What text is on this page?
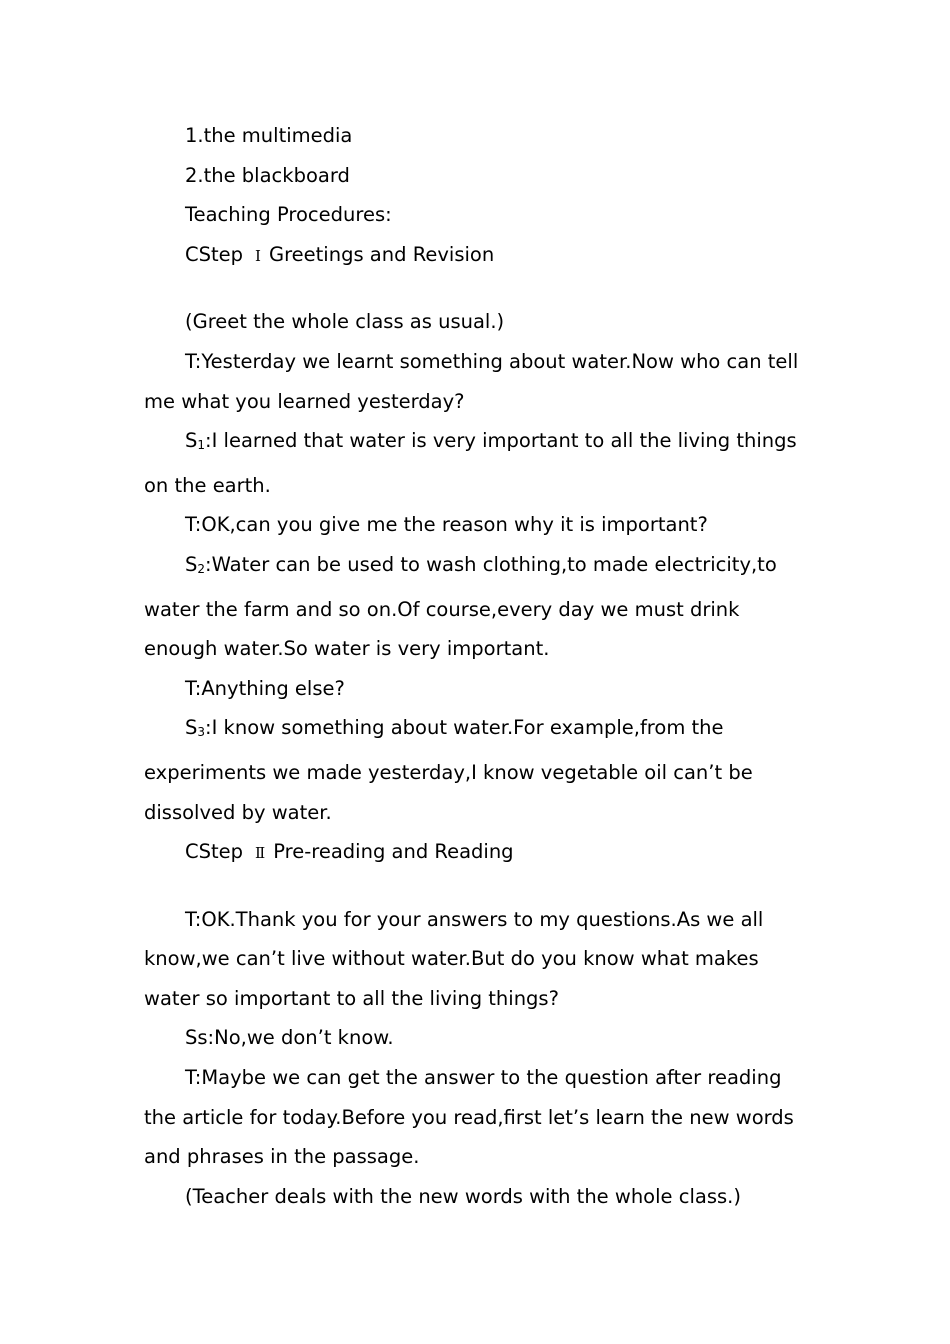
1.the multimedia

2.the blackboard

Teaching Procedures:

CStep Ⅰ Greetings and Revision

(Greet the whole class as usual.)

T:Yesterday we learnt something about water.Now who can tell me what you learned yesterday?

S1:I learned that water is very important to all the living things on the earth.

T:OK,can you give me the reason why it is important?

S2:Water can be used to wash clothing,to made electricity,to water the farm and so on.Of course,every day we must drink enough water.So water is very important.

T:Anything else?

S3:I know something about water.For example,from the experiments we made yesterday,I know vegetable oil can’t be dissolved by water.

CStep Ⅱ Pre-reading and Reading

T:OK.Thank you for your answers to my questions.As we all know,we can’t live without water.But do you know what makes water so important to all the living things?

Ss:No,we don’t know.

T:Maybe we can get the answer to the question after reading the article for today.Before you read,first let’s learn the new words and phrases in the passage.

(Teacher deals with the new words with the whole class.)
